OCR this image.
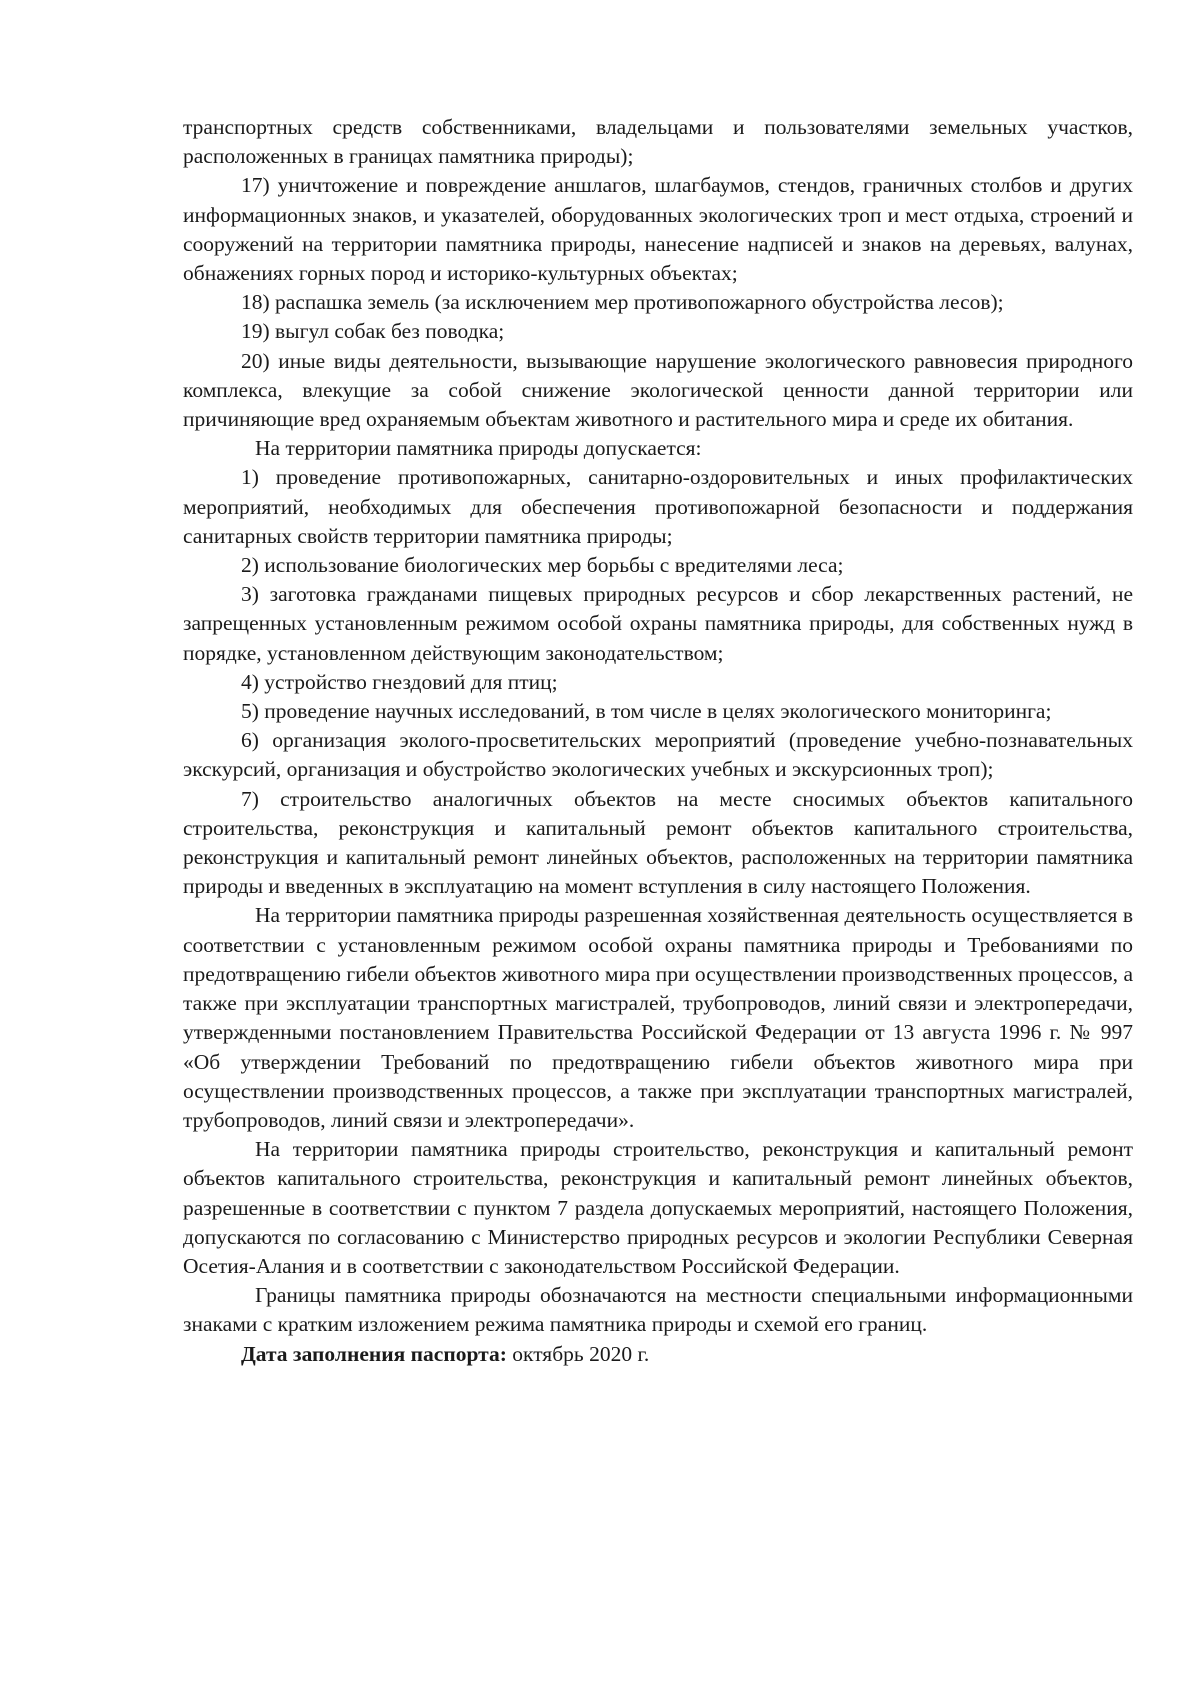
транспортных средств собственниками, владельцами и пользователями земельных участков, расположенных в границах памятника природы);

17) уничтожение и повреждение аншлагов, шлагбаумов, стендов, граничных столбов и других информационных знаков, и указателей, оборудованных экологических троп и мест отдыха, строений и сооружений на территории памятника природы, нанесение надписей и знаков на деревьях, валунах, обнажениях горных пород и историко-культурных объектах;

18) распашка земель (за исключением мер противопожарного обустройства лесов);

19) выгул собак без поводка;

20) иные виды деятельности, вызывающие нарушение экологического равновесия природного комплекса, влекущие за собой снижение экологической ценности данной территории или причиняющие вред охраняемым объектам животного и растительного мира и среде их обитания.

На территории памятника природы допускается:

1) проведение противопожарных, санитарно-оздоровительных и иных профилактических мероприятий, необходимых для обеспечения противопожарной безопасности и поддержания санитарных свойств территории памятника природы;

2) использование биологических мер борьбы с вредителями леса;

3) заготовка гражданами пищевых природных ресурсов и сбор лекарственных растений, не запрещенных установленным режимом особой охраны памятника природы, для собственных нужд в порядке, установленном действующим законодательством;

4) устройство гнездовий для птиц;

5) проведение научных исследований, в том числе в целях экологического мониторинга;

6) организация эколого-просветительских мероприятий (проведение учебно-познавательных экскурсий, организация и обустройство экологических учебных и экскурсионных троп);

7) строительство аналогичных объектов на месте сносимых объектов капитального строительства, реконструкция и капитальный ремонт объектов капитального строительства, реконструкция и капитальный ремонт линейных объектов, расположенных на территории памятника природы и введенных в эксплуатацию на момент вступления в силу настоящего Положения.

На территории памятника природы разрешенная хозяйственная деятельность осуществляется в соответствии с установленным режимом особой охраны памятника природы и Требованиями по предотвращению гибели объектов животного мира при осуществлении производственных процессов, а также при эксплуатации транспортных магистралей, трубопроводов, линий связи и электропередачи, утвержденными постановлением Правительства Российской Федерации от 13 августа 1996 г. № 997 «Об утверждении Требований по предотвращению гибели объектов животного мира при осуществлении производственных процессов, а также при эксплуатации транспортных магистралей, трубопроводов, линий связи и электропередачи».

На территории памятника природы строительство, реконструкция и капитальный ремонт объектов капитального строительства, реконструкция и капитальный ремонт линейных объектов, разрешенные в соответствии с пунктом 7 раздела допускаемых мероприятий, настоящего Положения, допускаются по согласованию с Министерство природных ресурсов и экологии Республики Северная Осетия-Алания и в соответствии с законодательством Российской Федерации.

Границы памятника природы обозначаются на местности специальными информационными знаками с кратким изложением режима памятника природы и схемой его границ.

Дата заполнения паспорта: октябрь 2020 г.
